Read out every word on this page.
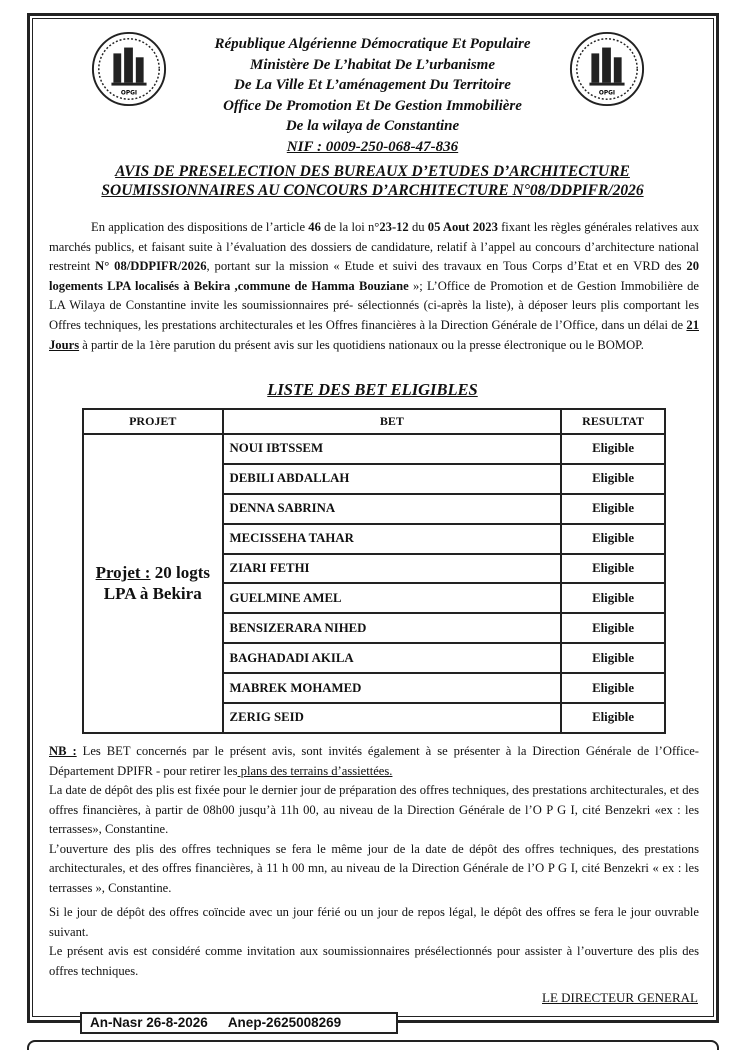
OPGI	OPGI
République Algérienne Démocratique Et Populaire
Ministère De L’habitat De L’urbanisme
De La Ville Et L’aménagement Du Territoire
Office De Promotion Et De Gestion Immobilière
De la wilaya de Constantine
NIF : 0009-250-068-47-836
AVIS DE PRESELECTION DES BUREAUX D’ETUDES D’ARCHITECTURE
SOUMISSIONNAIRES AU CONCOURS D’ARCHITECTURE N°08/DDPIFR/2026

En application des dispositions de l’article 46 de la loi n°23-12 du 05 Aout 2023 fixant les règles générales relatives aux marchés publics, et faisant suite à l’évaluation des dossiers de candidature, relatif à l’appel au concours d’architecture national restreint N° 08/DDPIFR/2026, portant sur la mission « Etude et suivi des travaux en Tous Corps d’Etat et en VRD des 20 logements LPA localisés à Bekira ,commune de Hamma Bouziane »; L’Office de Promotion et de Gestion Immobilière de LA Wilaya de Constantine invite les soumissionnaires pré- sélectionnés (ci-après la liste), à déposer leurs plis comportant les Offres techniques, les prestations architecturales et les Offres financières à la Direction Générale de l’Office, dans un délai de 21 Jours à partir de la 1ère parution du présent avis sur les quotidiens nationaux ou la presse électronique ou le BOMOP.

LISTE DES BET ELIGIBLES
PROJET	BET	RESULTAT
Projet : 20 logts
LPA à Bekira	NOUI IBTSSEM	Eligible
	DEBILI ABDALLAH	Eligible
	DENNA SABRINA	Eligible
	MECISSEHA TAHAR	Eligible
	ZIARI FETHI	Eligible
	GUELMINE AMEL	Eligible
	BENSIZERARA NIHED	Eligible
	BAGHADADI AKILA	Eligible
	MABREK MOHAMED	Eligible
	ZERIG SEID	Eligible

NB : Les BET concernés par le présent avis, sont invités également à se présenter à la Direction Générale de l’Office- Département DPIFR - pour retirer les plans des terrains d’assiettées.

La date de dépôt des plis est fixée pour le dernier jour de préparation des offres techniques, des prestations architecturales, et des offres financières, à partir de 08h00 jusqu’à 11h 00, au niveau de la Direction Générale de l’O P G I, cité Benzekri «ex : les terrasses», Constantine.

L’ouverture des plis des offres techniques se fera le même jour de la date de dépôt des offres techniques, des prestations architecturales, et des offres financières, à 11 h 00 mn, au niveau de la Direction Générale de l’O P G I, cité Benzekri « ex : les terrasses », Constantine.

Si le jour de dépôt des offres coïncide avec un jour férié ou un jour de repos légal, le dépôt des offres se fera le jour ouvrable suivant.

Le présent avis est considéré comme invitation aux soumissionnaires présélectionnés pour assister à l’ouverture des plis des offres techniques.

LE DIRECTEUR GENERAL
An-Nasr 26-8-2026 Anep-2625008269
